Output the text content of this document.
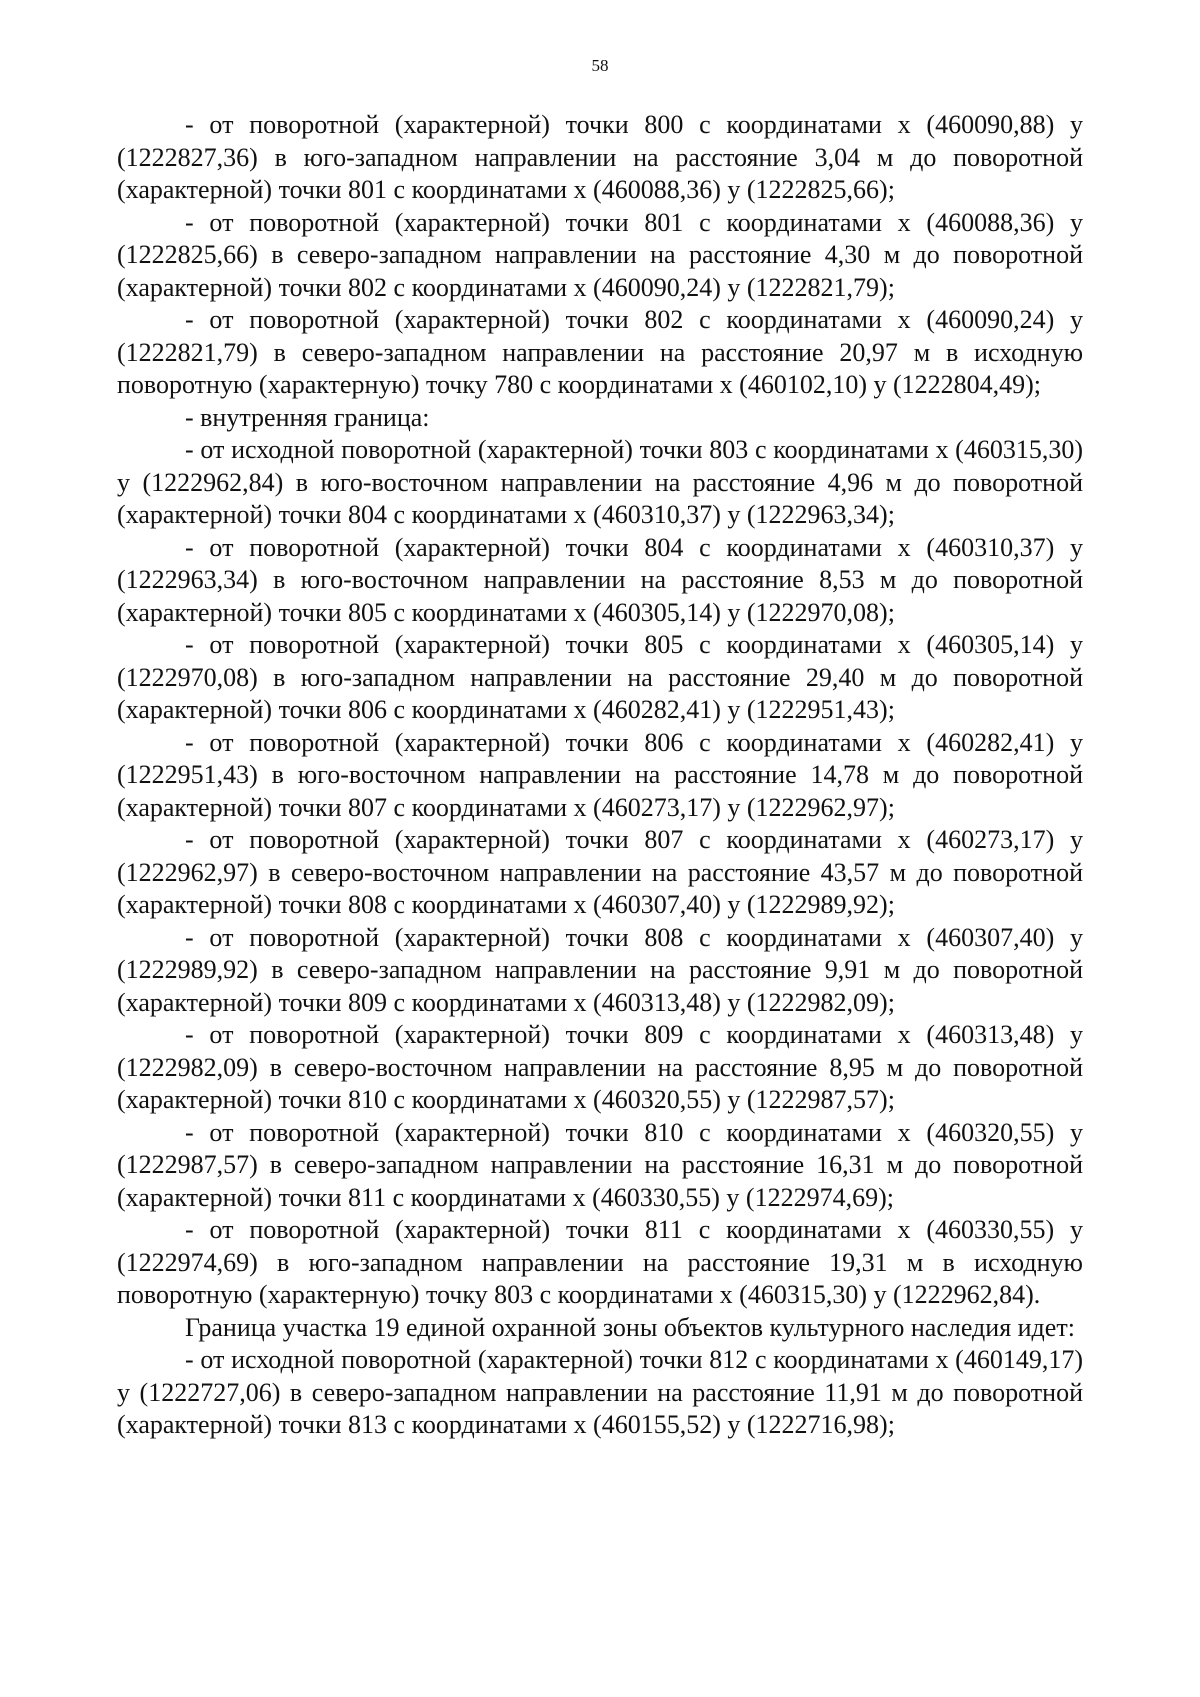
58

- от поворотной (характерной) точки 800 с координатами x (460090,88) y (1222827,36) в юго-западном направлении на расстояние 3,04 м до поворотной (характерной) точки 801 с координатами x (460088,36) y (1222825,66);

- от поворотной (характерной) точки 801 с координатами x (460088,36) y (1222825,66) в северо-западном направлении на расстояние 4,30 м до поворотной (характерной) точки 802 с координатами x (460090,24) y (1222821,79);

- от поворотной (характерной) точки 802 с координатами x (460090,24) y (1222821,79) в северо-западном направлении на расстояние 20,97 м в исходную поворотную (характерную) точку 780 с координатами x (460102,10) y (1222804,49);

- внутренняя граница:

- от исходной поворотной (характерной) точки 803 с координатами x (460315,30) y (1222962,84) в юго-восточном направлении на расстояние 4,96 м до поворотной (характерной) точки 804 с координатами x (460310,37) y (1222963,34);

- от поворотной (характерной) точки 804 с координатами x (460310,37) y (1222963,34) в юго-восточном направлении на расстояние 8,53 м до поворотной (характерной) точки 805 с координатами x (460305,14) y (1222970,08);

- от поворотной (характерной) точки 805 с координатами x (460305,14) y (1222970,08) в юго-западном направлении на расстояние 29,40 м до поворотной (характерной) точки 806 с координатами x (460282,41) y (1222951,43);

- от поворотной (характерной) точки 806 с координатами x (460282,41) y (1222951,43) в юго-восточном направлении на расстояние 14,78 м до поворотной (характерной) точки 807 с координатами x (460273,17) y (1222962,97);

- от поворотной (характерной) точки 807 с координатами x (460273,17) y (1222962,97) в северо-восточном направлении на расстояние 43,57 м до поворотной (характерной) точки 808 с координатами x (460307,40) y (1222989,92);

- от поворотной (характерной) точки 808 с координатами x (460307,40) y (1222989,92) в северо-западном направлении на расстояние 9,91 м до поворотной (характерной) точки 809 с координатами x (460313,48) y (1222982,09);

- от поворотной (характерной) точки 809 с координатами x (460313,48) y (1222982,09) в северо-восточном направлении на расстояние 8,95 м до поворотной (характерной) точки 810 с координатами x (460320,55) y (1222987,57);

- от поворотной (характерной) точки 810 с координатами x (460320,55) y (1222987,57) в северо-западном направлении на расстояние 16,31 м до поворотной (характерной) точки 811 с координатами x (460330,55) y (1222974,69);

- от поворотной (характерной) точки 811 с координатами x (460330,55) y (1222974,69) в юго-западном направлении на расстояние 19,31 м в исходную поворотную (характерную) точку 803 с координатами x (460315,30) y (1222962,84).

Граница участка 19 единой охранной зоны объектов культурного наследия идет:

- от исходной поворотной (характерной) точки 812 с координатами x (460149,17) y (1222727,06) в северо-западном направлении на расстояние 11,91 м до поворотной (характерной) точки 813 с координатами x (460155,52) y (1222716,98);
